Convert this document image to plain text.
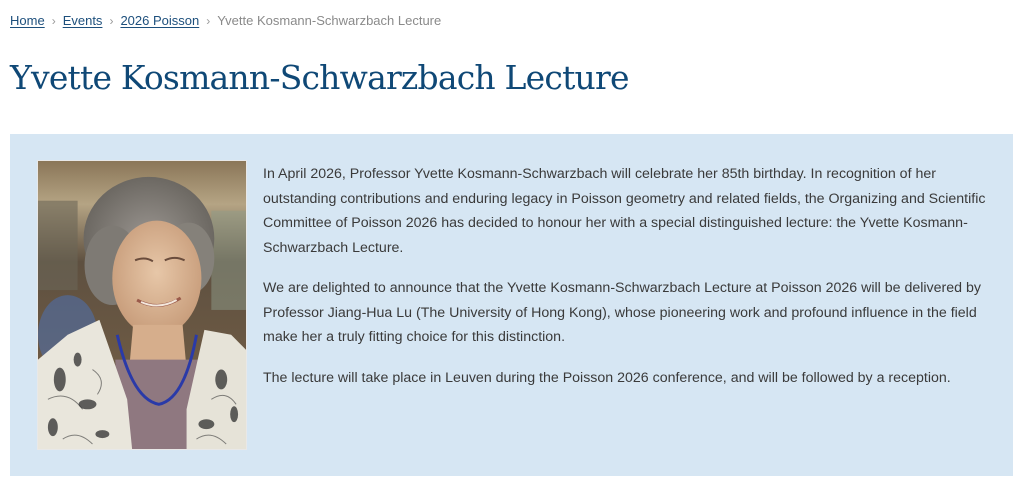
Home › Events › 2026 Poisson › Yvette Kosmann-Schwarzbach Lecture
Yvette Kosmann-Schwarzbach Lecture

In April 2026, Professor Yvette Kosmann-Schwarzbach will celebrate her 85th birthday. In recognition of her outstanding contributions and enduring legacy in Poisson geometry and related fields, the Organizing and Scientific Committee of Poisson 2026 has decided to honour her with a special distinguished lecture: the Yvette Kosmann-Schwarzbach Lecture.

We are delighted to announce that the Yvette Kosmann-Schwarzbach Lecture at Poisson 2026 will be delivered by Professor Jiang-Hua Lu (The University of Hong Kong), whose pioneering work and profound influence in the field make her a truly fitting choice for this distinction.

The lecture will take place in Leuven during the Poisson 2026 conference, and will be followed by a reception.
